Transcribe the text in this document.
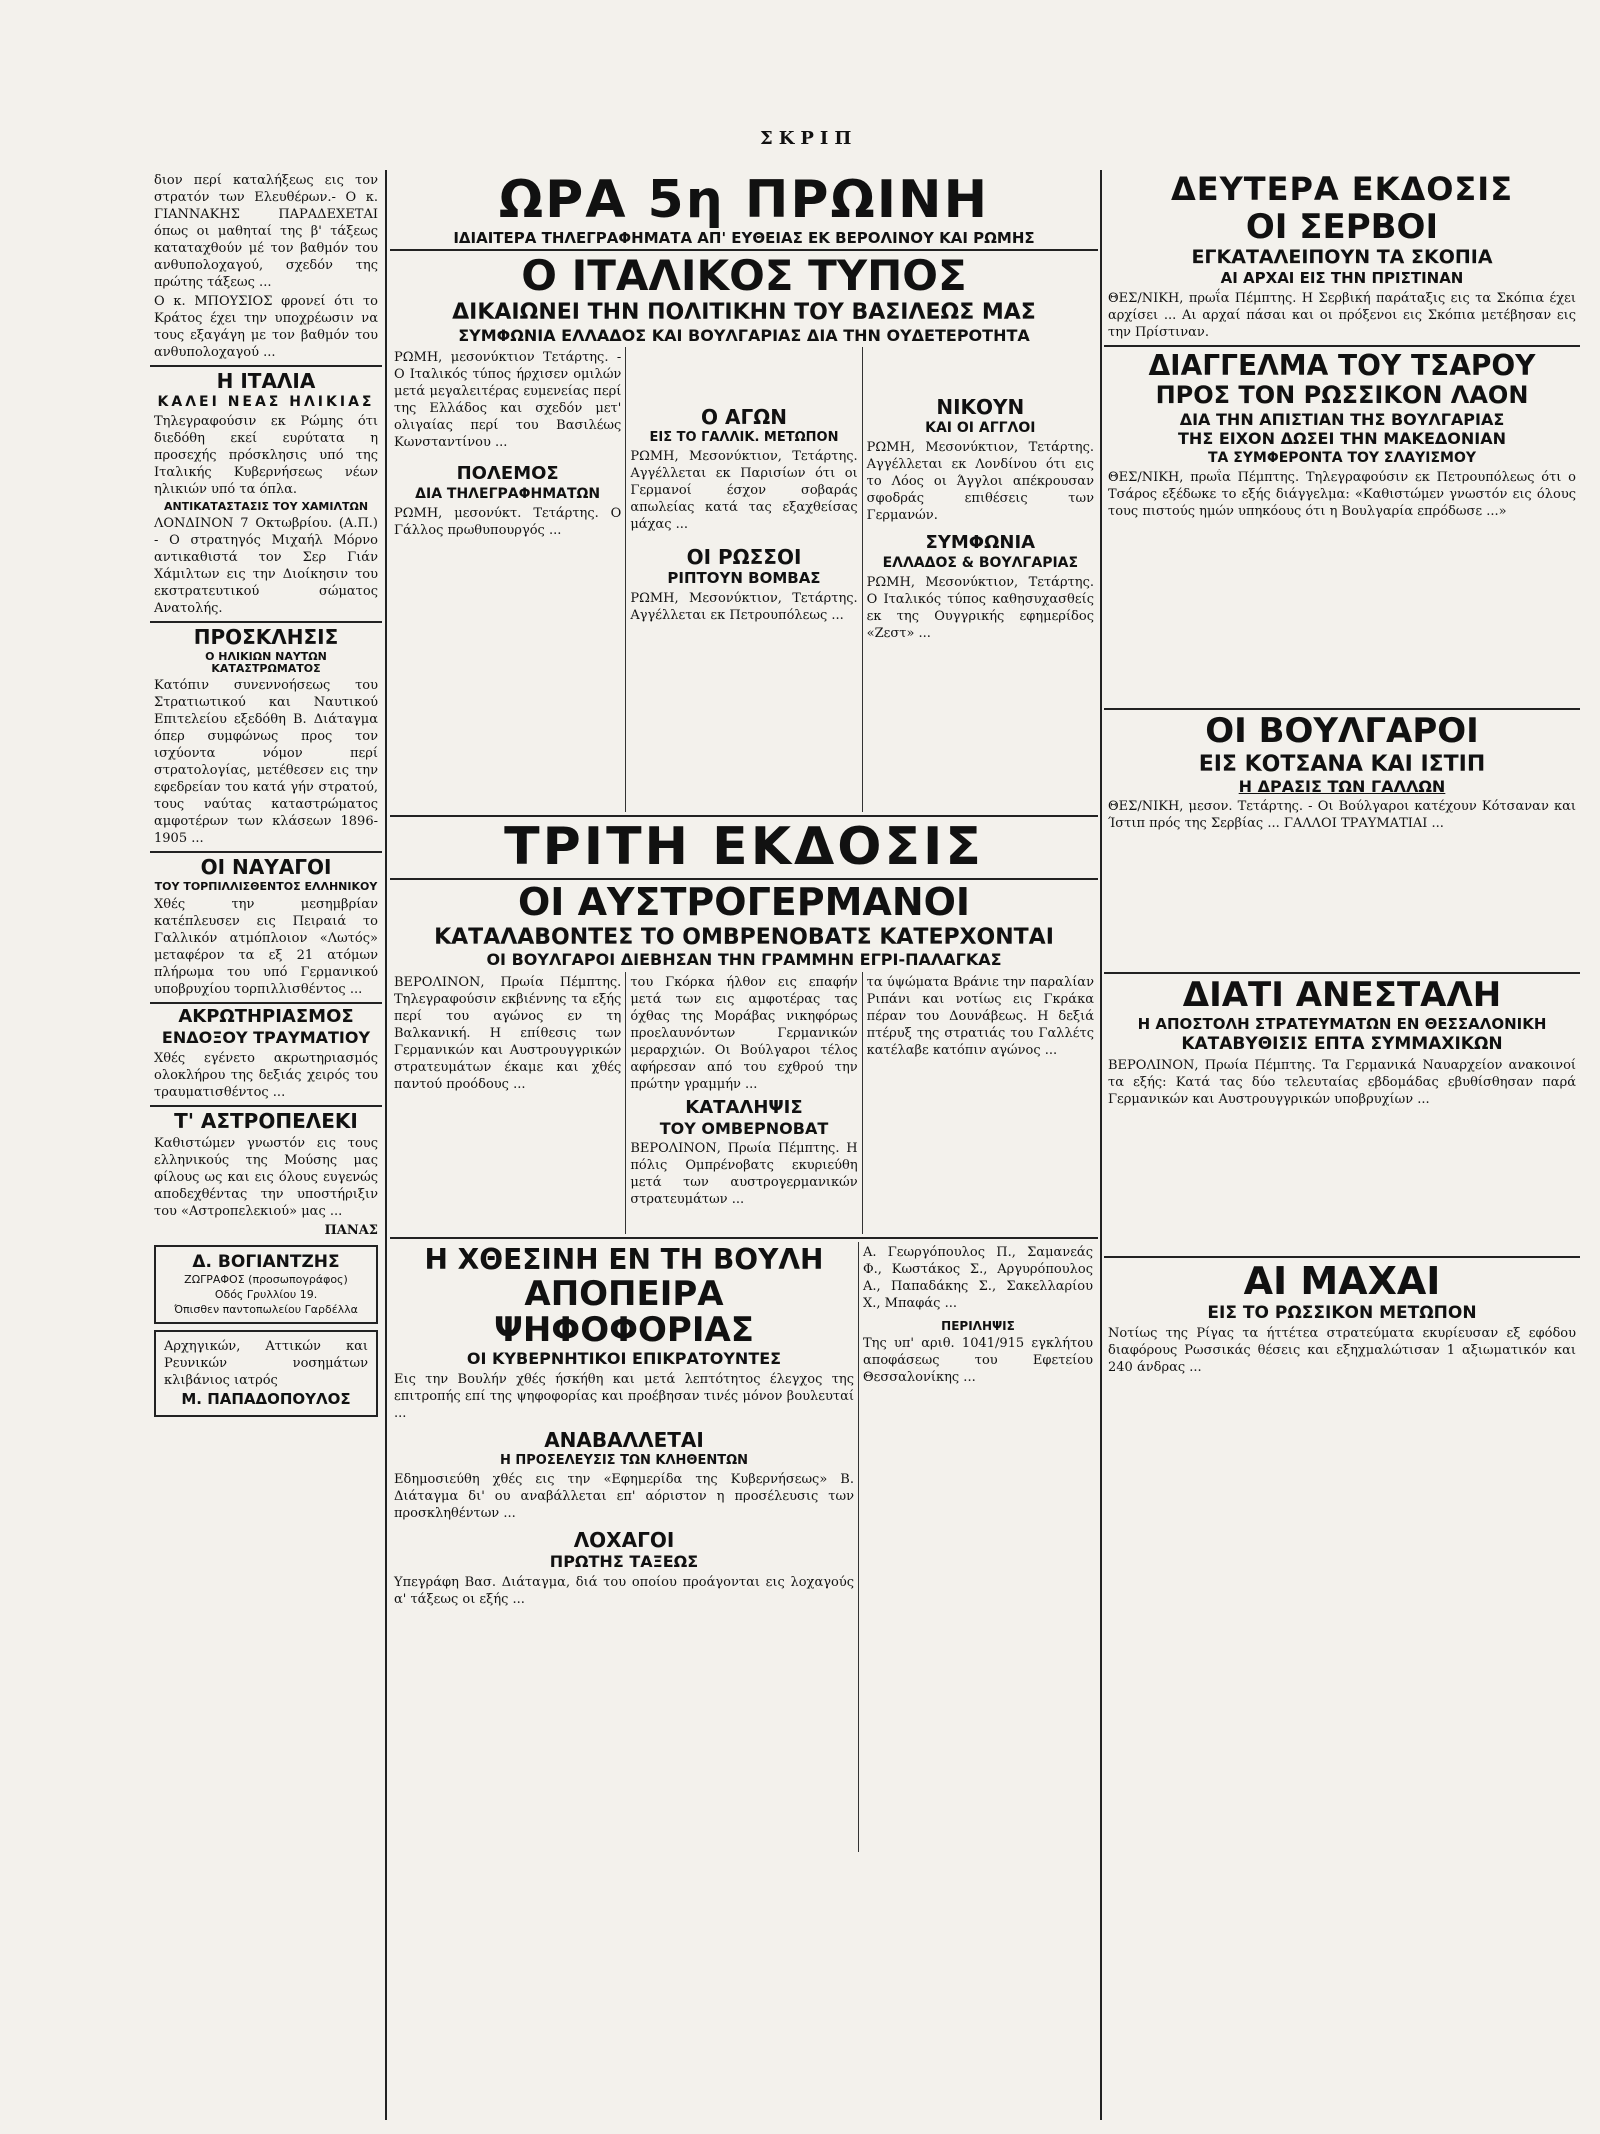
ΣΚΡΙΠ
διον περί καταλήξεως εις τον στρατόν των Ελευθέρων.- Ο κ. ΓΙΑΝΝΑΚΗΣ ΠΑΡΑΔΕΧΕΤΑΙ όπως οι μαθηταί της β' τάξεως καταταχθούν μέ τον βαθμόν του ανθυπολοχαγού, σχεδόν της πρώτης τάξεως ...
Ο κ. ΜΠΟΥΣΙΟΣ φρονεί ότι το Κράτος έχει την υποχρέωσιν να τους εξαγάγη με τον βαθμόν του ανθυπολοχαγού ...
Η ΙΤΑΛΙΑ
ΚΑΛΕΙ ΝΕΑΣ ΗΛΙΚΙΑΣ
Τηλεγραφούσιν εκ Ρώμης ότι διεδόθη εκεί ευρύτατα η προσεχής πρόσκλησις υπό της Ιταλικής Κυβερνήσεως νέων ηλικιών υπό τα όπλα.
ΑΝΤΙΚΑΤΑΣΤΑΣΙΣ ΤΟΥ ΧΑΜΙΛΤΩΝ
ΛΟΝΔΙΝΟΝ 7 Οκτωβρίου. (Α.Π.) - Ο στρατηγός Μιχαήλ Μόρνο αντικαθιστά τον Σερ Γιάν Χάμιλτων εις την Διοίκησιν του εκστρατευτικού σώματος Ανατολής.
ΠΡΟΣΚΛΗΣΙΣ
Ο ΗΛΙΚΙΩΝ ΝΑΥΤΩΝ ΚΑΤΑΣΤΡΩΜΑΤΟΣ
Κατόπιν συνεννοήσεως του Στρατιωτικού και Ναυτικού Επιτελείου εξεδόθη Β. Διάταγμα όπερ συμφώνως προς τον ισχύοντα νόμον περί στρατολογίας, μετέθεσεν εις την εφεδρείαν του κατά γήν στρατού, τους ναύτας καταστρώματος αμφοτέρων των κλάσεων 1896-1905 ...
ΟΙ ΝΑΥΑΓΟΙ
ΤΟΥ ΤΟΡΠΙΛΛΙΣΘΕΝΤΟΣ ΕΛΛΗΝΙΚΟΥ
Χθές την μεσημβρίαν κατέπλευσεν εις Πειραιά το Γαλλικόν ατμόπλοιον «Λωτός» μεταφέρον τα εξ 21 ατόμων πλήρωμα του υπό Γερμανικού υποβρυχίου τορπιλλισθέντος ...
ΑΚΡΩΤΗΡΙΑΣΜΟΣ
ΕΝΔΟΞΟΥ ΤΡΑΥΜΑΤΙΟΥ
Χθές εγένετο ακρωτηριασμός ολοκλήρου της δεξιάς χειρός του τραυματισθέντος ...
Τ' ΑΣΤΡΟΠΕΛΕΚΙ
Καθιστώμεν γνωστόν εις τους ελληνικούς της Μούσης μας φίλους ως και εις όλους ευγενώς αποδεχθέντας την υποστήριξιν του «Αστροπελεκιού» μας ...
ΠΑΝΑΣ
Δ. ΒΟΓΙΑΝΤΖΗΣ
ΖΩΓΡΑΦΟΣ (προσωπογράφος)
Οδός Γρυλλίου 19.
Όπισθεν παντοπωλείου Γαρδέλλα
Αρχηγικών, Αττικών και Ρευνικών νοσημάτων κλιβάνιος ιατρός
Μ. ΠΑΠΑΔΟΠΟΥΛΟΣ
ΩΡΑ 5η ΠΡΩΙΝΗ
ΙΔΙΑΙΤΕΡΑ ΤΗΛΕΓΡΑΦΗΜΑΤΑ ΑΠ' ΕΥΘΕΙΑΣ ΕΚ ΒΕΡΟΛΙΝΟΥ ΚΑΙ ΡΩΜΗΣ
Ο ΙΤΑΛΙΚΟΣ ΤΥΠΟΣ
ΔΙΚΑΙΩΝΕΙ ΤΗΝ ΠΟΛΙΤΙΚΗΝ ΤΟΥ ΒΑΣΙΛΕΩΣ ΜΑΣ
ΣΥΜΦΩΝΙΑ ΕΛΛΑΔΟΣ ΚΑΙ ΒΟΥΛΓΑΡΙΑΣ ΔΙΑ ΤΗΝ ΟΥΔΕΤΕΡΟΤΗΤΑ
ΡΩΜΗ, μεσονύκτιον Τετάρτης. - Ο Ιταλικός τύπος ήρχισεν ομιλών μετά μεγαλειτέρας ευμενείας περί της Ελλάδος και σχεδόν μετ' ολιγαίας περί του Βασιλέως Κωνσταντίνου ...
ΠΟΛΕΜΟΣ
ΔΙΑ ΤΗΛΕΓΡΑΦΗΜΑΤΩΝ
ΡΩΜΗ, μεσονύκτ. Τετάρτης. Ο Γάλλος πρωθυπουργός ...
Ο ΑΓΩΝ
ΕΙΣ ΤΟ ΓΑΛΛΙΚ. ΜΕΤΩΠΟΝ
ΡΩΜΗ, Μεσονύκτιον, Τετάρτης. Αγγέλλεται εκ Παρισίων ότι οι Γερμανοί έσχον σοβαράς απωλείας κατά τας εξαχθείσας μάχας ...
ΟΙ ΡΩΣΣΟΙ
ΡΙΠΤΟΥΝ ΒΟΜΒΑΣ
ΡΩΜΗ, Μεσονύκτιον, Τετάρτης. Αγγέλλεται εκ Πετρουπόλεως ...
ΝΙΚΟΥΝ
ΚΑΙ ΟΙ ΑΓΓΛΟΙ
ΡΩΜΗ, Μεσονύκτιον, Τετάρτης. Αγγέλλεται εκ Λονδίνου ότι εις το Λόος οι Άγγλοι απέκρουσαν σφοδράς επιθέσεις των Γερμανών.
ΣΥΜΦΩΝΙΑ
ΕΛΛΑΔΟΣ & ΒΟΥΛΓΑΡΙΑΣ
ΡΩΜΗ, Μεσονύκτιον, Τετάρτης. Ο Ιταλικός τύπος καθησυχασθείς εκ της Ουγγρικής εφημερίδος «Ζεστ» ...
ΤΡΙΤΗ ΕΚΔΟΣΙΣ
ΟΙ ΑΥΣΤΡΟΓΕΡΜΑΝΟΙ
ΚΑΤΑΛΑΒΟΝΤΕΣ ΤΟ ΟΜΒΡΕΝΟΒΑΤΣ ΚΑΤΕΡΧΟΝΤΑΙ
ΟΙ ΒΟΥΛΓΑΡΟΙ ΔΙΕΒΗΣΑΝ ΤΗΝ ΓΡΑΜΜΗΝ ΕΓΡΙ-ΠΑΛΑΓΚΑΣ
ΒΕΡΟΛΙΝΟΝ, Πρωία Πέμπτης. Τηλεγραφούσιν εκβιέννης τα εξής περί του αγώνος εν τη Βαλκανική. Η επίθεσις των Γερμανικών και Αυστρουγγρικών στρατευμάτων έκαμε και χθές παντού προόδους ...
του Γκόρκα ήλθον εις επαφήν μετά των εις αμφοτέρας τας όχθας της Μοράβας νικηφόρως προελαυνόντων Γερμανικών μεραρχιών. Οι Βούλγαροι τέλος αφήρεσαν από του εχθρού την πρώτην γραμμήν ...
ΚΑΤΑΛΗΨΙΣ
ΤΟΥ ΟΜΒΕΡΝΟΒΑΤ
ΒΕΡΟΛΙΝΟΝ, Πρωία Πέμπτης. Η πόλις Ομπρένοβατς εκυριεύθη μετά των αυστρογερμανικών στρατευμάτων ...
τα ύψώματα Βράνιε την παραλίαν Ριπάνι και νοτίως εις Γκράκα πέραν του Δουνάβεως. Η δεξιά πτέρυξ της στρατιάς του Γαλλέτς κατέλαβε κατόπιν αγώνος ...
Η ΧΘΕΣΙΝΗ ΕΝ ΤΗ ΒΟΥΛΗ
ΑΠΟΠΕΙΡΑ ΨΗΦΟΦΟΡΙΑΣ
ΟΙ ΚΥΒΕΡΝΗΤΙΚΟΙ ΕΠΙΚΡΑΤΟΥΝΤΕΣ
Εις την Βουλήν χθές ήσκήθη και μετά λεπτότητος έλεγχος της επιτροπής επί της ψηφοφορίας και προέβησαν τινές μόνον βουλευταί ...
ΑΝΑΒΑΛΛΕΤΑΙ
Η ΠΡΟΣΕΛΕΥΣΙΣ ΤΩΝ ΚΛΗΘΕΝΤΩΝ
Εδημοσιεύθη χθές εις την «Εφημερίδα της Κυβερνήσεως» Β. Διάταγμα δι' ου αναβάλλεται επ' αόριστον η προσέλευσις των προσκληθέντων ...
ΛΟΧΑΓΟΙ
ΠΡΩΤΗΣ ΤΑΞΕΩΣ
Υπεγράφη Βασ. Διάταγμα, διά του οποίου προάγονται εις λοχαγούς α' τάξεως οι εξής ...
Α. Γεωργόπουλος Π., Σαμανεάς Φ., Κωστάκος Σ., Αργυρόπουλος Α., Παπαδάκης Σ., Σακελλαρίου Χ., Μπαφάς ...
ΠΕΡΙΛΗΨΙΣ
Της υπ' αριθ. 1041/915 εγκλήτου αποφάσεως του Εφετείου Θεσσαλονίκης ...
ΔΕΥΤΕΡΑ ΕΚΔΟΣΙΣ
ΟΙ ΣΕΡΒΟΙ
ΕΓΚΑΤΑΛΕΙΠΟΥΝ ΤΑ ΣΚΟΠΙΑ
ΑΙ ΑΡΧΑΙ ΕΙΣ ΤΗΝ ΠΡΙΣΤΙΝΑΝ
ΘΕΣ/ΝΙΚΗ, πρωΐα Πέμπτης. Η Σερβική παράταξις εις τα Σκόπια έχει αρχίσει ... Αι αρχαί πάσαι και οι πρόξενοι εις Σκόπια μετέβησαν εις την Πρίστιναν.
ΔΙΑΓΓΕΛΜΑ ΤΟΥ ΤΣΑΡΟΥ
ΠΡΟΣ ΤΟΝ ΡΩΣΣΙΚΟΝ ΛΑΟΝ
ΔΙΑ ΤΗΝ ΑΠΙΣΤΙΑΝ ΤΗΣ ΒΟΥΛΓΑΡΙΑΣ
ΤΗΣ ΕΙΧΟΝ ΔΩΣΕΙ ΤΗΝ ΜΑΚΕΔΟΝΙΑΝ
ΤΑ ΣΥΜΦΕΡΟΝΤΑ ΤΟΥ ΣΛΑΥΙΣΜΟΥ
ΘΕΣ/ΝΙΚΗ, πρωΐα Πέμπτης. Τηλεγραφούσιν εκ Πετρουπόλεως ότι ο Τσάρος εξέδωκε το εξής διάγγελμα: «Καθιστώμεν γνωστόν εις όλους τους πιστούς ημών υπηκόους ότι η Βουλγαρία επρόδωσε ...»
ΟΙ ΒΟΥΛΓΑΡΟΙ
ΕΙΣ ΚΟΤΣΑΝΑ ΚΑΙ ΙΣΤΙΠ
Η ΔΡΑΣΙΣ ΤΩΝ ΓΑΛΛΩΝ
ΘΕΣ/ΝΙΚΗ, μεσον. Τετάρτης. - Οι Βούλγαροι κατέχουν Κότσαναν και Ίστιπ πρός της Σερβίας ... ΓΑΛΛΟΙ ΤΡΑΥΜΑΤΙΑΙ ...
ΔΙΑΤΙ ΑΝΕΣΤΑΛΗ
Η ΑΠΟΣΤΟΛΗ ΣΤΡΑΤΕΥΜΑΤΩΝ ΕΝ ΘΕΣΣΑΛΟΝΙΚΗ
ΚΑΤΑΒΥΘΙΣΙΣ ΕΠΤΑ ΣΥΜΜΑΧΙΚΩΝ
ΒΕΡΟΛΙΝΟΝ, Πρωία Πέμπτης. Τα Γερμανικά Ναυαρχείον ανακοινοί τα εξής: Κατά τας δύο τελευταίας εβδομάδας εβυθίσθησαν παρά Γερμανικών και Αυστρουγγρικών υποβρυχίων ...
ΑΙ ΜΑΧΑΙ
ΕΙΣ ΤΟ ΡΩΣΣΙΚΟΝ ΜΕΤΩΠΟΝ
Νοτίως της Ρίγας τα ήττέτεα στρατεύματα εκυρίευσαν εξ εφόδου διαφόρους Ρωσσικάς θέσεις και εξηχμαλώτισαν 1 αξιωματικόν και 240 άνδρας ...
